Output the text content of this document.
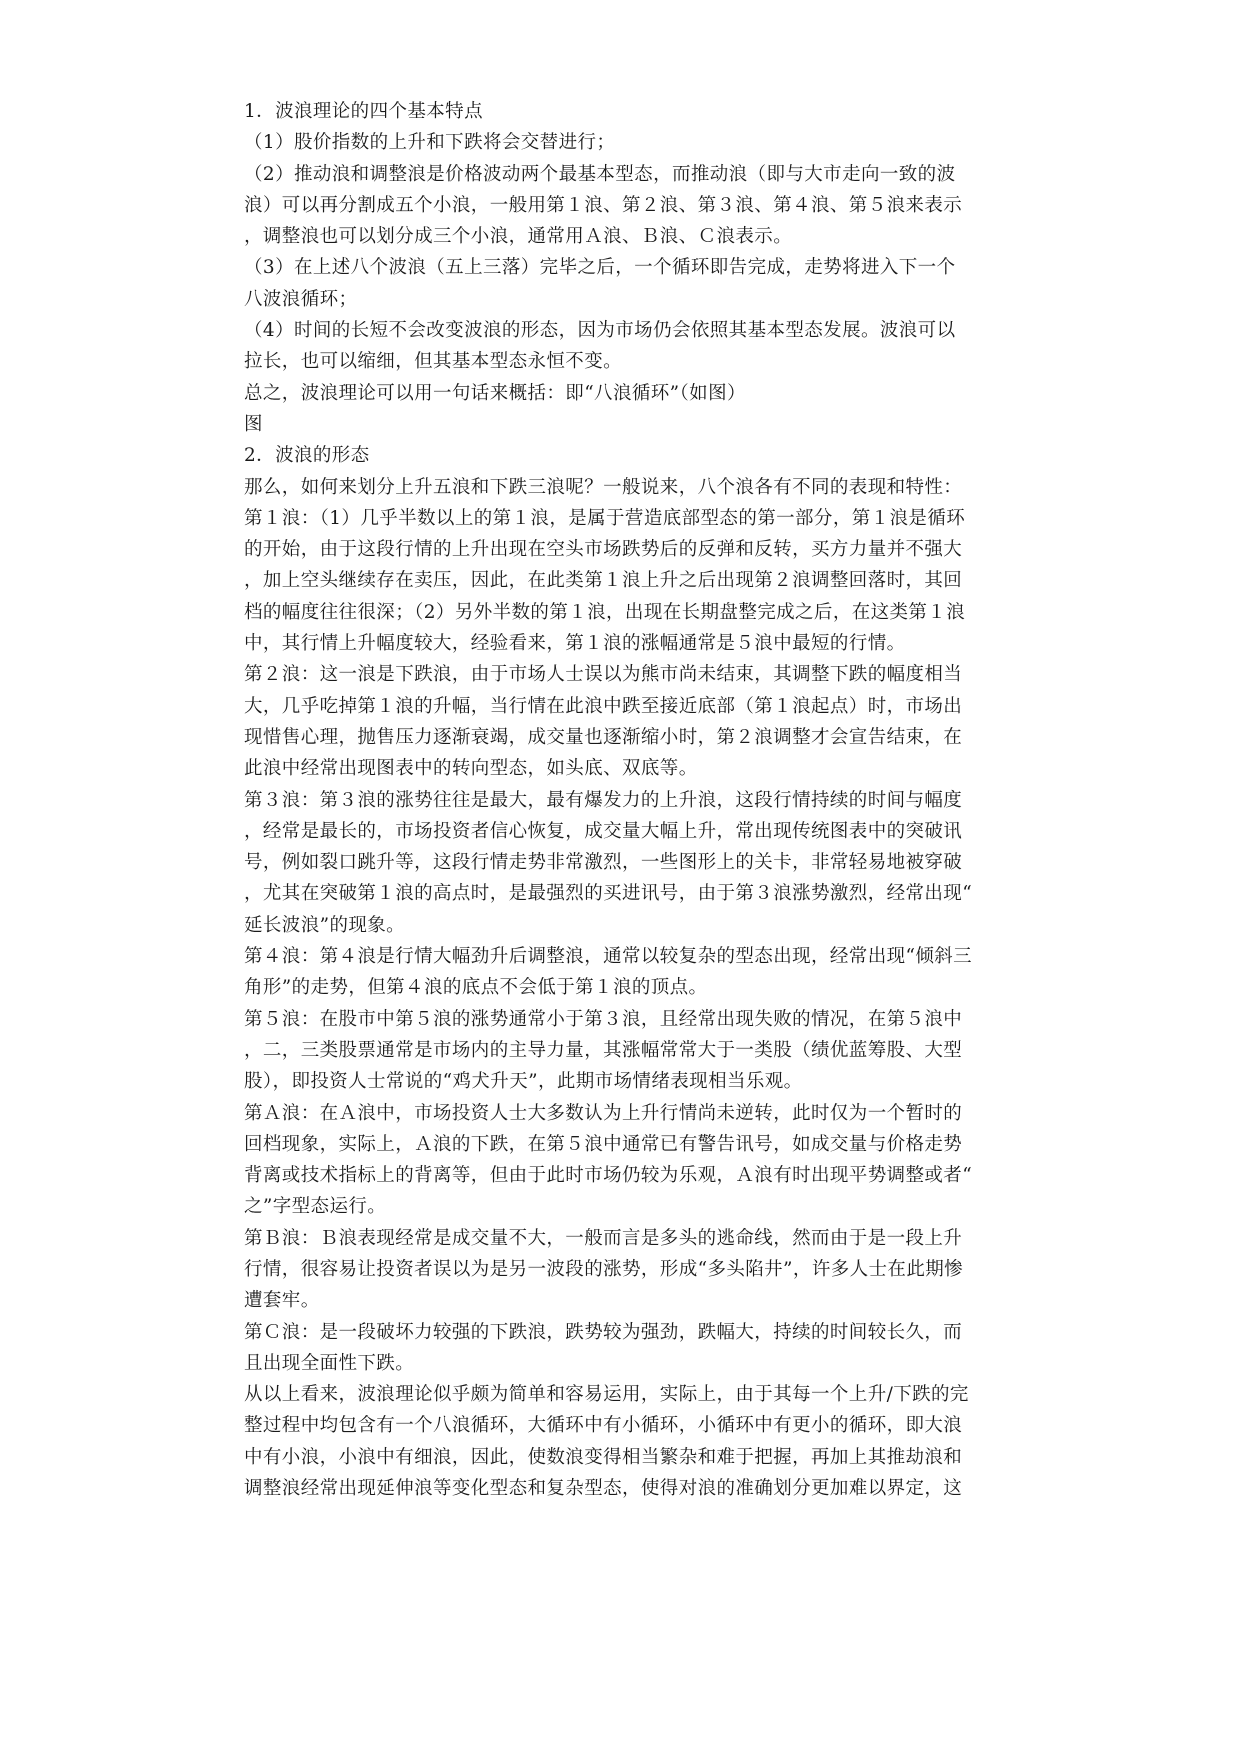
1．波浪理论的四个基本特点

（1）股价指数的上升和下跌将会交替进行；

（2）推动浪和调整浪是价格波动两个最基本型态，而推动浪（即与大市走向一致的波

浪）可以再分割成五个小浪，一般用第１浪、第２浪、第３浪、第４浪、第５浪来表示

，调整浪也可以划分成三个小浪，通常用Ａ浪、Ｂ浪、Ｃ浪表示。

（3）在上述八个波浪（五上三落）完毕之后，一个循环即告完成，走势将进入下一个

八波浪循环；

（4）时间的长短不会改变波浪的形态，因为市场仍会依照其基本型态发展。波浪可以

拉长，也可以缩细，但其基本型态永恒不变。

总之，波浪理论可以用一句话来概括：即“八浪循环”（如图）

图

2．波浪的形态

那么，如何来划分上升五浪和下跌三浪呢？一般说来，八个浪各有不同的表现和特性：

第１浪：（1）几乎半数以上的第１浪，是属于营造底部型态的第一部分，第１浪是循环

的开始，由于这段行情的上升出现在空头市场跌势后的反弹和反转，买方力量并不强大

，加上空头继续存在卖压，因此，在此类第１浪上升之后出现第２浪调整回落时，其回

档的幅度往往很深；（2）另外半数的第１浪，出现在长期盘整完成之后，在这类第１浪

中，其行情上升幅度较大，经验看来，第１浪的涨幅通常是５浪中最短的行情。

第２浪：这一浪是下跌浪，由于市场人士误以为熊市尚未结束，其调整下跌的幅度相当

大，几乎吃掉第１浪的升幅，当行情在此浪中跌至接近底部（第１浪起点）时，市场出

现惜售心理，抛售压力逐渐衰竭，成交量也逐渐缩小时，第２浪调整才会宣告结束，在

此浪中经常出现图表中的转向型态，如头底、双底等。

第３浪：第３浪的涨势往往是最大，最有爆发力的上升浪，这段行情持续的时间与幅度

，经常是最长的，市场投资者信心恢复，成交量大幅上升，常出现传统图表中的突破讯

号，例如裂口跳升等，这段行情走势非常激烈，一些图形上的关卡，非常轻易地被穿破

，尤其在突破第１浪的高点时，是最强烈的买进讯号，由于第３浪涨势激烈，经常出现“

延长波浪”的现象。

第４浪：第４浪是行情大幅劲升后调整浪，通常以较复杂的型态出现，经常出现“倾斜三

角形”的走势，但第４浪的底点不会低于第１浪的顶点。

第５浪：在股市中第５浪的涨势通常小于第３浪，且经常出现失败的情况，在第５浪中

，二，三类股票通常是市场内的主导力量，其涨幅常常大于一类股（绩优蓝筹股、大型

股），即投资人士常说的“鸡犬升天”，此期市场情绪表现相当乐观。

第Ａ浪：在Ａ浪中，市场投资人士大多数认为上升行情尚未逆转，此时仅为一个暂时的

回档现象，实际上，Ａ浪的下跌，在第５浪中通常已有警告讯号，如成交量与价格走势

背离或技术指标上的背离等，但由于此时市场仍较为乐观，Ａ浪有时出现平势调整或者“

之”字型态运行。

第Ｂ浪：Ｂ浪表现经常是成交量不大，一般而言是多头的逃命线，然而由于是一段上升

行情，很容易让投资者误以为是另一波段的涨势，形成“多头陷井”，许多人士在此期惨

遭套牢。

第Ｃ浪：是一段破坏力较强的下跌浪，跌势较为强劲，跌幅大，持续的时间较长久，而

且出现全面性下跌。

从以上看来，波浪理论似乎颇为简单和容易运用，实际上，由于其每一个上升/下跌的完

整过程中均包含有一个八浪循环，大循环中有小循环，小循环中有更小的循环，即大浪

中有小浪，小浪中有细浪，因此，使数浪变得相当繁杂和难于把握，再加上其推劫浪和

调整浪经常出现延伸浪等变化型态和复杂型态，使得对浪的准确划分更加难以界定，这
